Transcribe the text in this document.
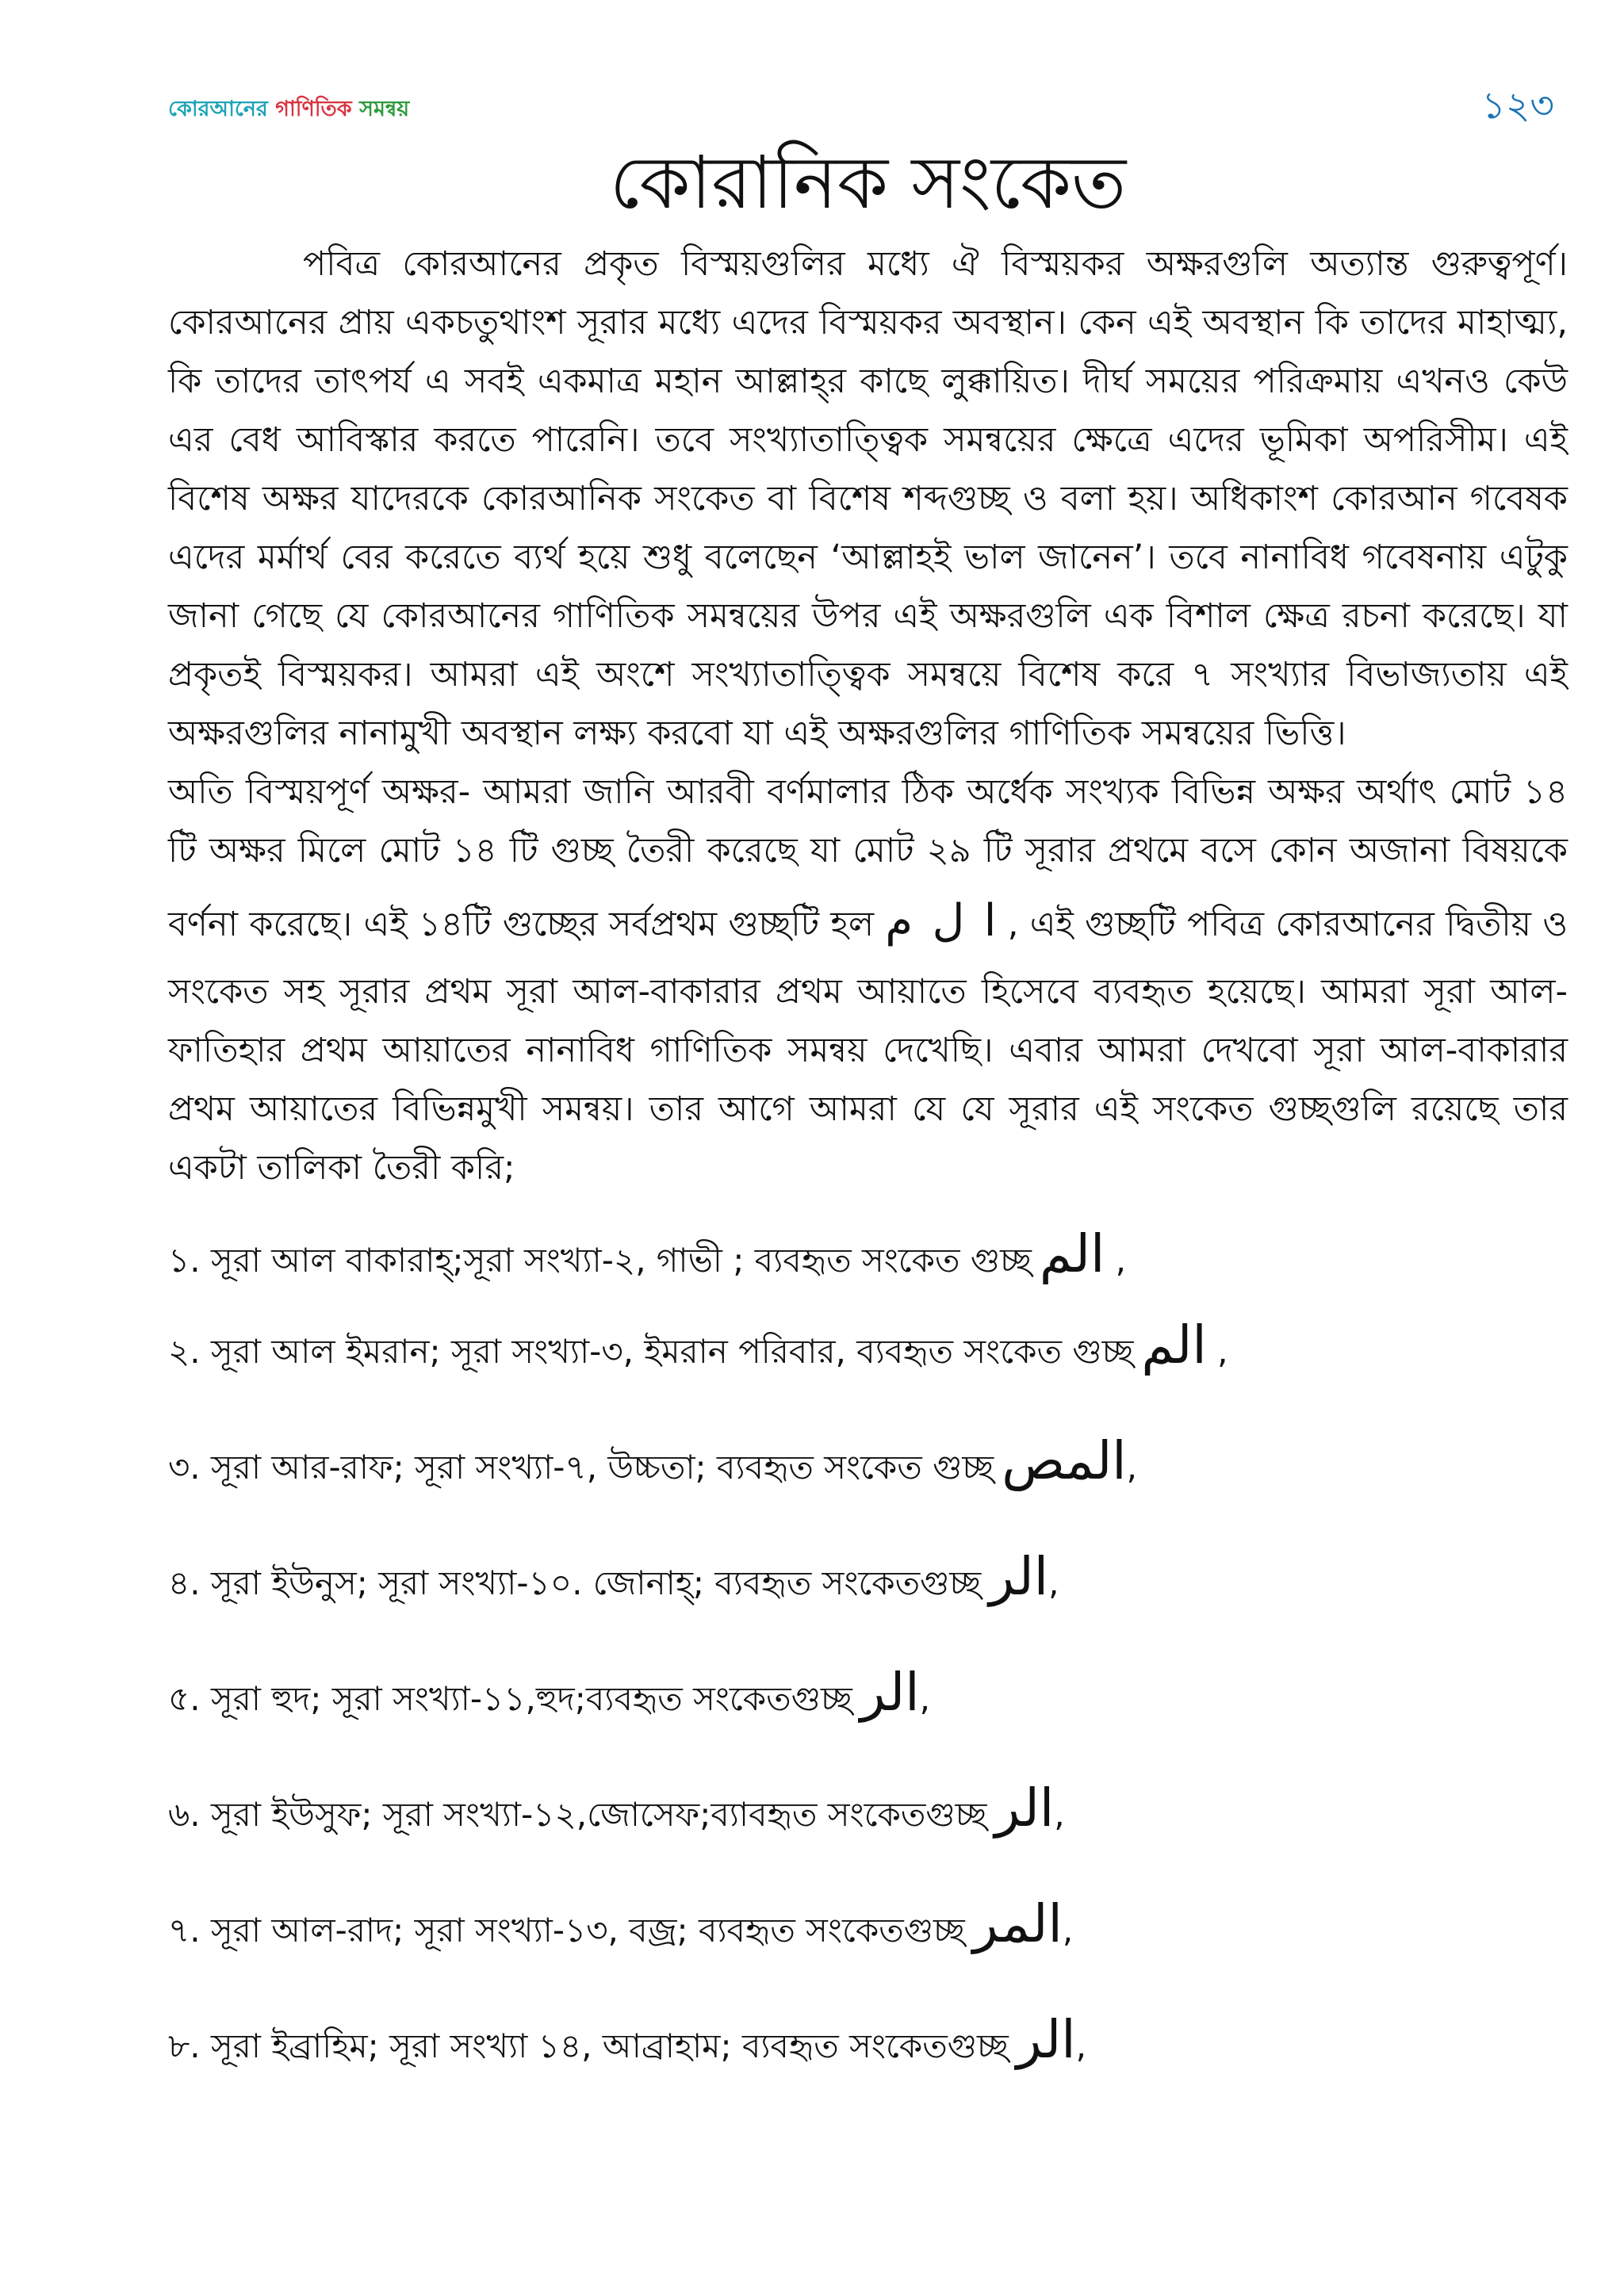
কোরআনের গাণিতিক সমন্বয়	১২৩
কোরানিক সংকেত

পবিত্র কোরআনের প্রকৃত বিস্ময়গুলির মধ্যে ঐ বিস্ময়কর অক্ষরগুলি অত্যান্ত গুরুত্বপূর্ণ। কোরআনের প্রায় একচতুথাংশ সূরার মধ্যে এদের বিস্ময়কর অবস্থান। কেন এই অবস্থান কি তাদের মাহাত্ম্য, কি তাদের তাৎপর্য এ সবই একমাত্র মহান আল্লাহ্‌র কাছে লুক্কায়িত। দীর্ঘ সময়ের পরিক্রমায় এখনও কেউ এর বেধ আবিস্কার করতে পারেনি। তবে সংখ্যাতাত্ত্বিক সমন্বয়ের ক্ষেত্রে এদের ভূমিকা অপরিসীম। এই বিশেষ অক্ষর যাদেরকে কোরআনিক সংকেত বা বিশেষ শব্দগুচ্ছ ও বলা হয়। অধিকাংশ কোরআন গবেষক এদের মর্মার্থ বের করেতে ব্যর্থ হয়ে শুধু বলেছেন ‘আল্লাহই ভাল জানেন’। তবে নানাবিধ গবেষনায় এটুকু জানা গেছে যে কোরআনের গাণিতিক সমন্বয়ের উপর এই অক্ষরগুলি এক বিশাল ক্ষেত্র রচনা করেছে। যা প্রকৃতই বিস্ময়কর। আমরা এই অংশে সংখ্যাতাত্ত্বিক সমন্বয়ে বিশেষ করে ৭ সংখ্যার বিভাজ্যতায় এই অক্ষরগুলির নানামুখী অবস্থান লক্ষ্য করবো যা এই অক্ষরগুলির গাণিতিক সমন্বয়ের ভিত্তি।

অতি বিস্ময়পূর্ণ অক্ষর- আমরা জানি আরবী বর্ণমালার ঠিক অর্ধেক সংখ্যক বিভিন্ন অক্ষর অর্থাৎ মোট ১৪ টি অক্ষর মিলে মোট ১৪ টি গুচ্ছ তৈরী করেছে যা মোট ২৯ টি সূরার প্রথমে বসে কোন অজানা বিষয়কে বর্ণনা করেছে। এই ১৪টি গুচ্ছের সর্বপ্রথম গুচ্ছটি হল ا ل م , এই গুচ্ছটি পবিত্র কোরআনের দ্বিতীয় ও সংকেত সহ সূরার প্রথম সূরা আল-বাকারার প্রথম আয়াতে হিসেবে ব্যবহৃত হয়েছে। আমরা সূরা আল-ফাতিহার প্রথম আয়াতের নানাবিধ গাণিতিক সমন্বয় দেখেছি। এবার আমরা দেখবো সূরা আল-বাকারার প্রথম আয়াতের বিভিন্নমুখী সমন্বয়। তার আগে আমরা যে যে সূরার এই সংকেত গুচ্ছগুলি রয়েছে তার একটা তালিকা তৈরী করি;

১. সূরা আল বাকারাহ্‌;সূরা সংখ্যা-২, গাভী ; ব্যবহৃত সংকেত গুচ্ছ الم ,
২. সূরা আল ইমরান; সূরা সংখ্যা-৩, ইমরান পরিবার, ব্যবহৃত সংকেত গুচ্ছ الم ,
৩. সূরা আর-রাফ; সূরা সংখ্যা-৭, উচ্চতা; ব্যবহৃত সংকেত গুচ্ছ المص,
৪. সূরা ইউনুস; সূরা সংখ্যা-১০. জোনাহ্‌; ব্যবহৃত সংকেতগুচ্ছ الر,
৫. সূরা হুদ; সূরা সংখ্যা-১১,হুদ;ব্যবহৃত সংকেতগুচ্ছ الر,
৬. সূরা ইউসুফ; সূরা সংখ্যা-১২,জোসেফ;ব্যাবহৃত সংকেতগুচ্ছ الر,
৭. সূরা আল-রাদ; সূরা সংখ্যা-১৩, বজ্র; ব্যবহৃত সংকেতগুচ্ছ المر,
৮. সূরা ইব্রাহিম; সূরা সংখ্যা ১৪, আব্রাহাম; ব্যবহৃত সংকেতগুচ্ছ الر,
